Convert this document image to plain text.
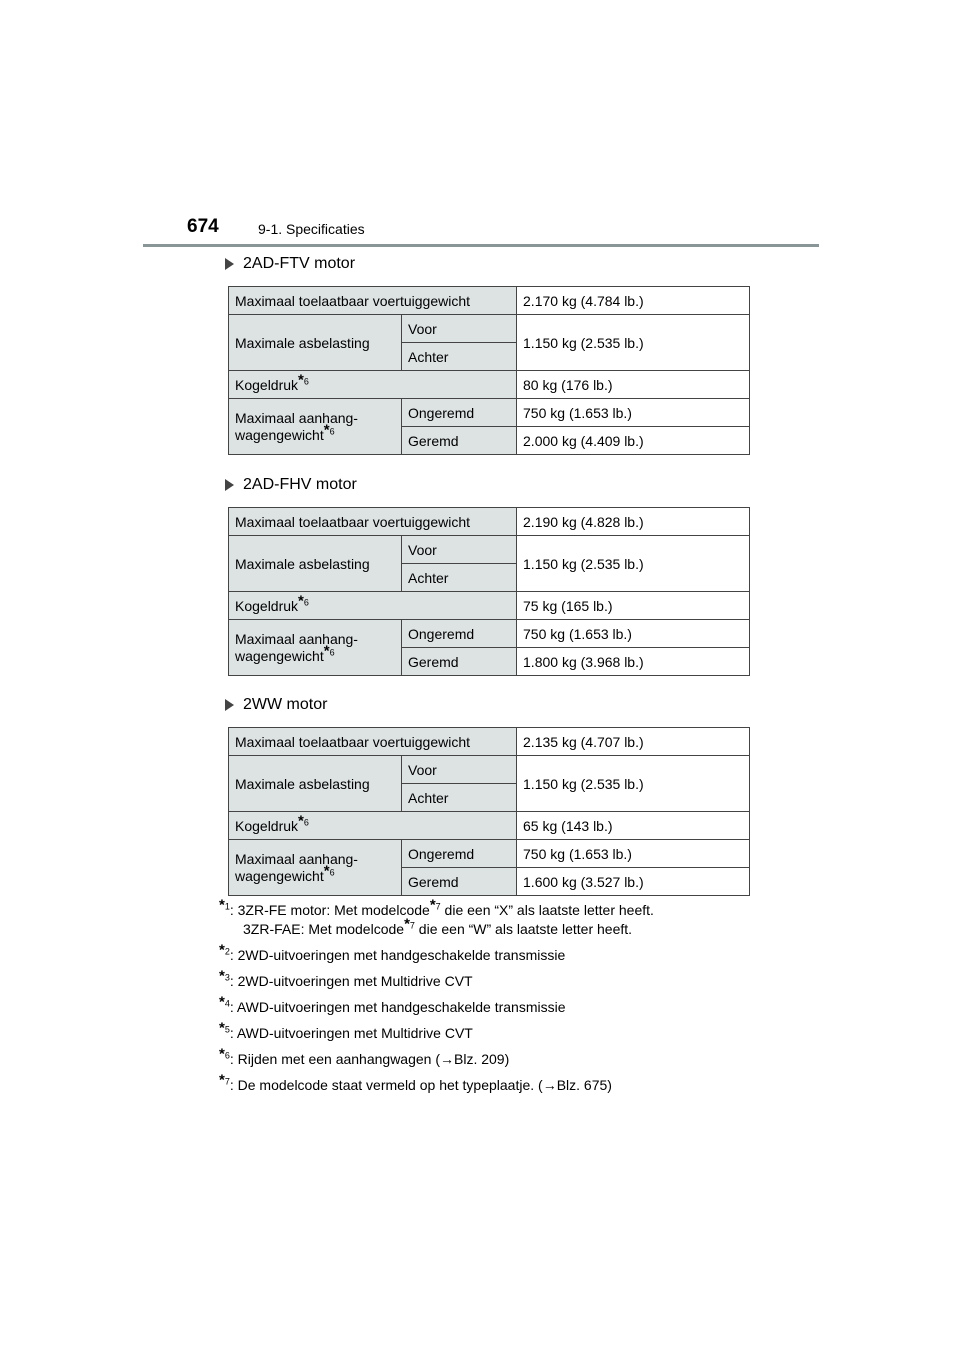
674	9-1. Specificaties
2AD-FTV motor
Maximaal toelaatbaar voertuiggewicht		2.170 kg (4.784 lb.)
Maximale asbelasting	Voor	1.150 kg (2.535 lb.)
	Achter	
Kogeldruk*$^6$		80 kg (176 lb.)
Maximaal aanhang-
wagengewicht*$^6$	Ongeremd	750 kg (1.653 lb.)
	Geremd	2.000 kg (4.409 lb.)
2AD-FHV motor
Maximaal toelaatbaar voertuiggewicht		2.190 kg (4.828 lb.)
Maximale asbelasting	Voor	1.150 kg (2.535 lb.)
	Achter	
Kogeldruk*$^6$		75 kg (165 lb.)
Maximaal aanhang-
wagengewicht*$^6$	Ongeremd	750 kg (1.653 lb.)
	Geremd	1.800 kg (3.968 lb.)
2WW motor
Maximaal toelaatbaar voertuiggewicht		2.135 kg (4.707 lb.)
Maximale asbelasting	Voor	1.150 kg (2.535 lb.)
	Achter	
Kogeldruk*$^6$		65 kg (143 lb.)
Maximaal aanhang-
wagengewicht*$^6$	Ongeremd	750 kg (1.653 lb.)
	Geremd	1.600 kg (3.527 lb.)
*$^1$: 3ZR-FE motor: Met modelcode*$^7$ die een “X” als laatste letter heeft.
3ZR-FAE: Met modelcode*$^7$ die een “W” als laatste letter heeft.
*$^2$: 2WD-uitvoeringen met handgeschakelde transmissie
*$^3$: 2WD-uitvoeringen met Multidrive CVT
*$^4$: AWD-uitvoeringen met handgeschakelde transmissie
*$^5$: AWD-uitvoeringen met Multidrive CVT
*$^6$: Rijden met een aanhangwagen (→Blz. 209)
*$^7$: De modelcode staat vermeld op het typeplaatje. (→Blz. 675)
